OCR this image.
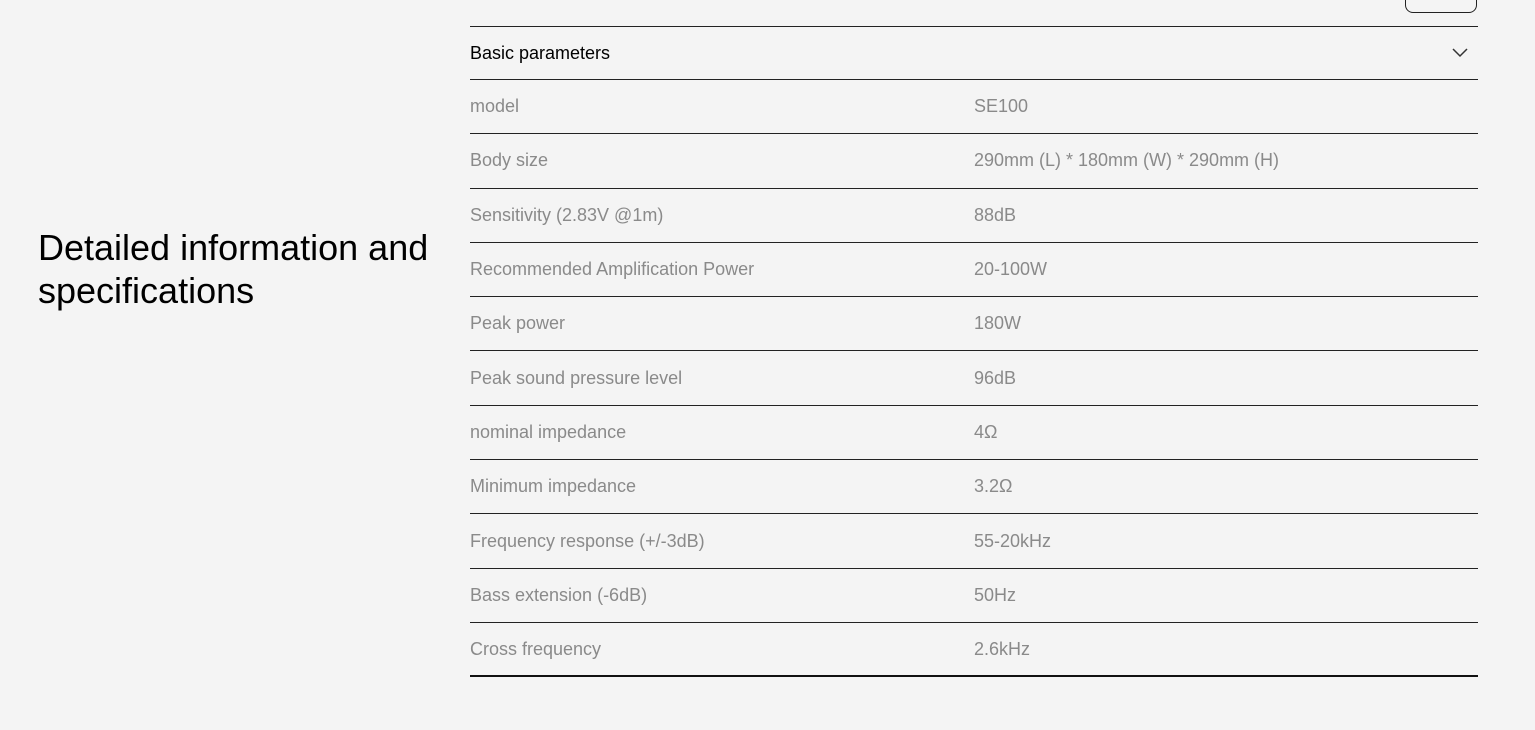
Detailed information and specifications
Basic parameters
model	SE100
Body size	290mm (L) * 180mm (W) * 290mm (H)
Sensitivity (2.83V @1m)	88dB
Recommended Amplification Power	20-100W
Peak power	180W
Peak sound pressure level	96dB
nominal impedance	4Ω
Minimum impedance	3.2Ω
Frequency response (+/-3dB)	55-20kHz
Bass extension (-6dB)	50Hz
Cross frequency	2.6kHz
